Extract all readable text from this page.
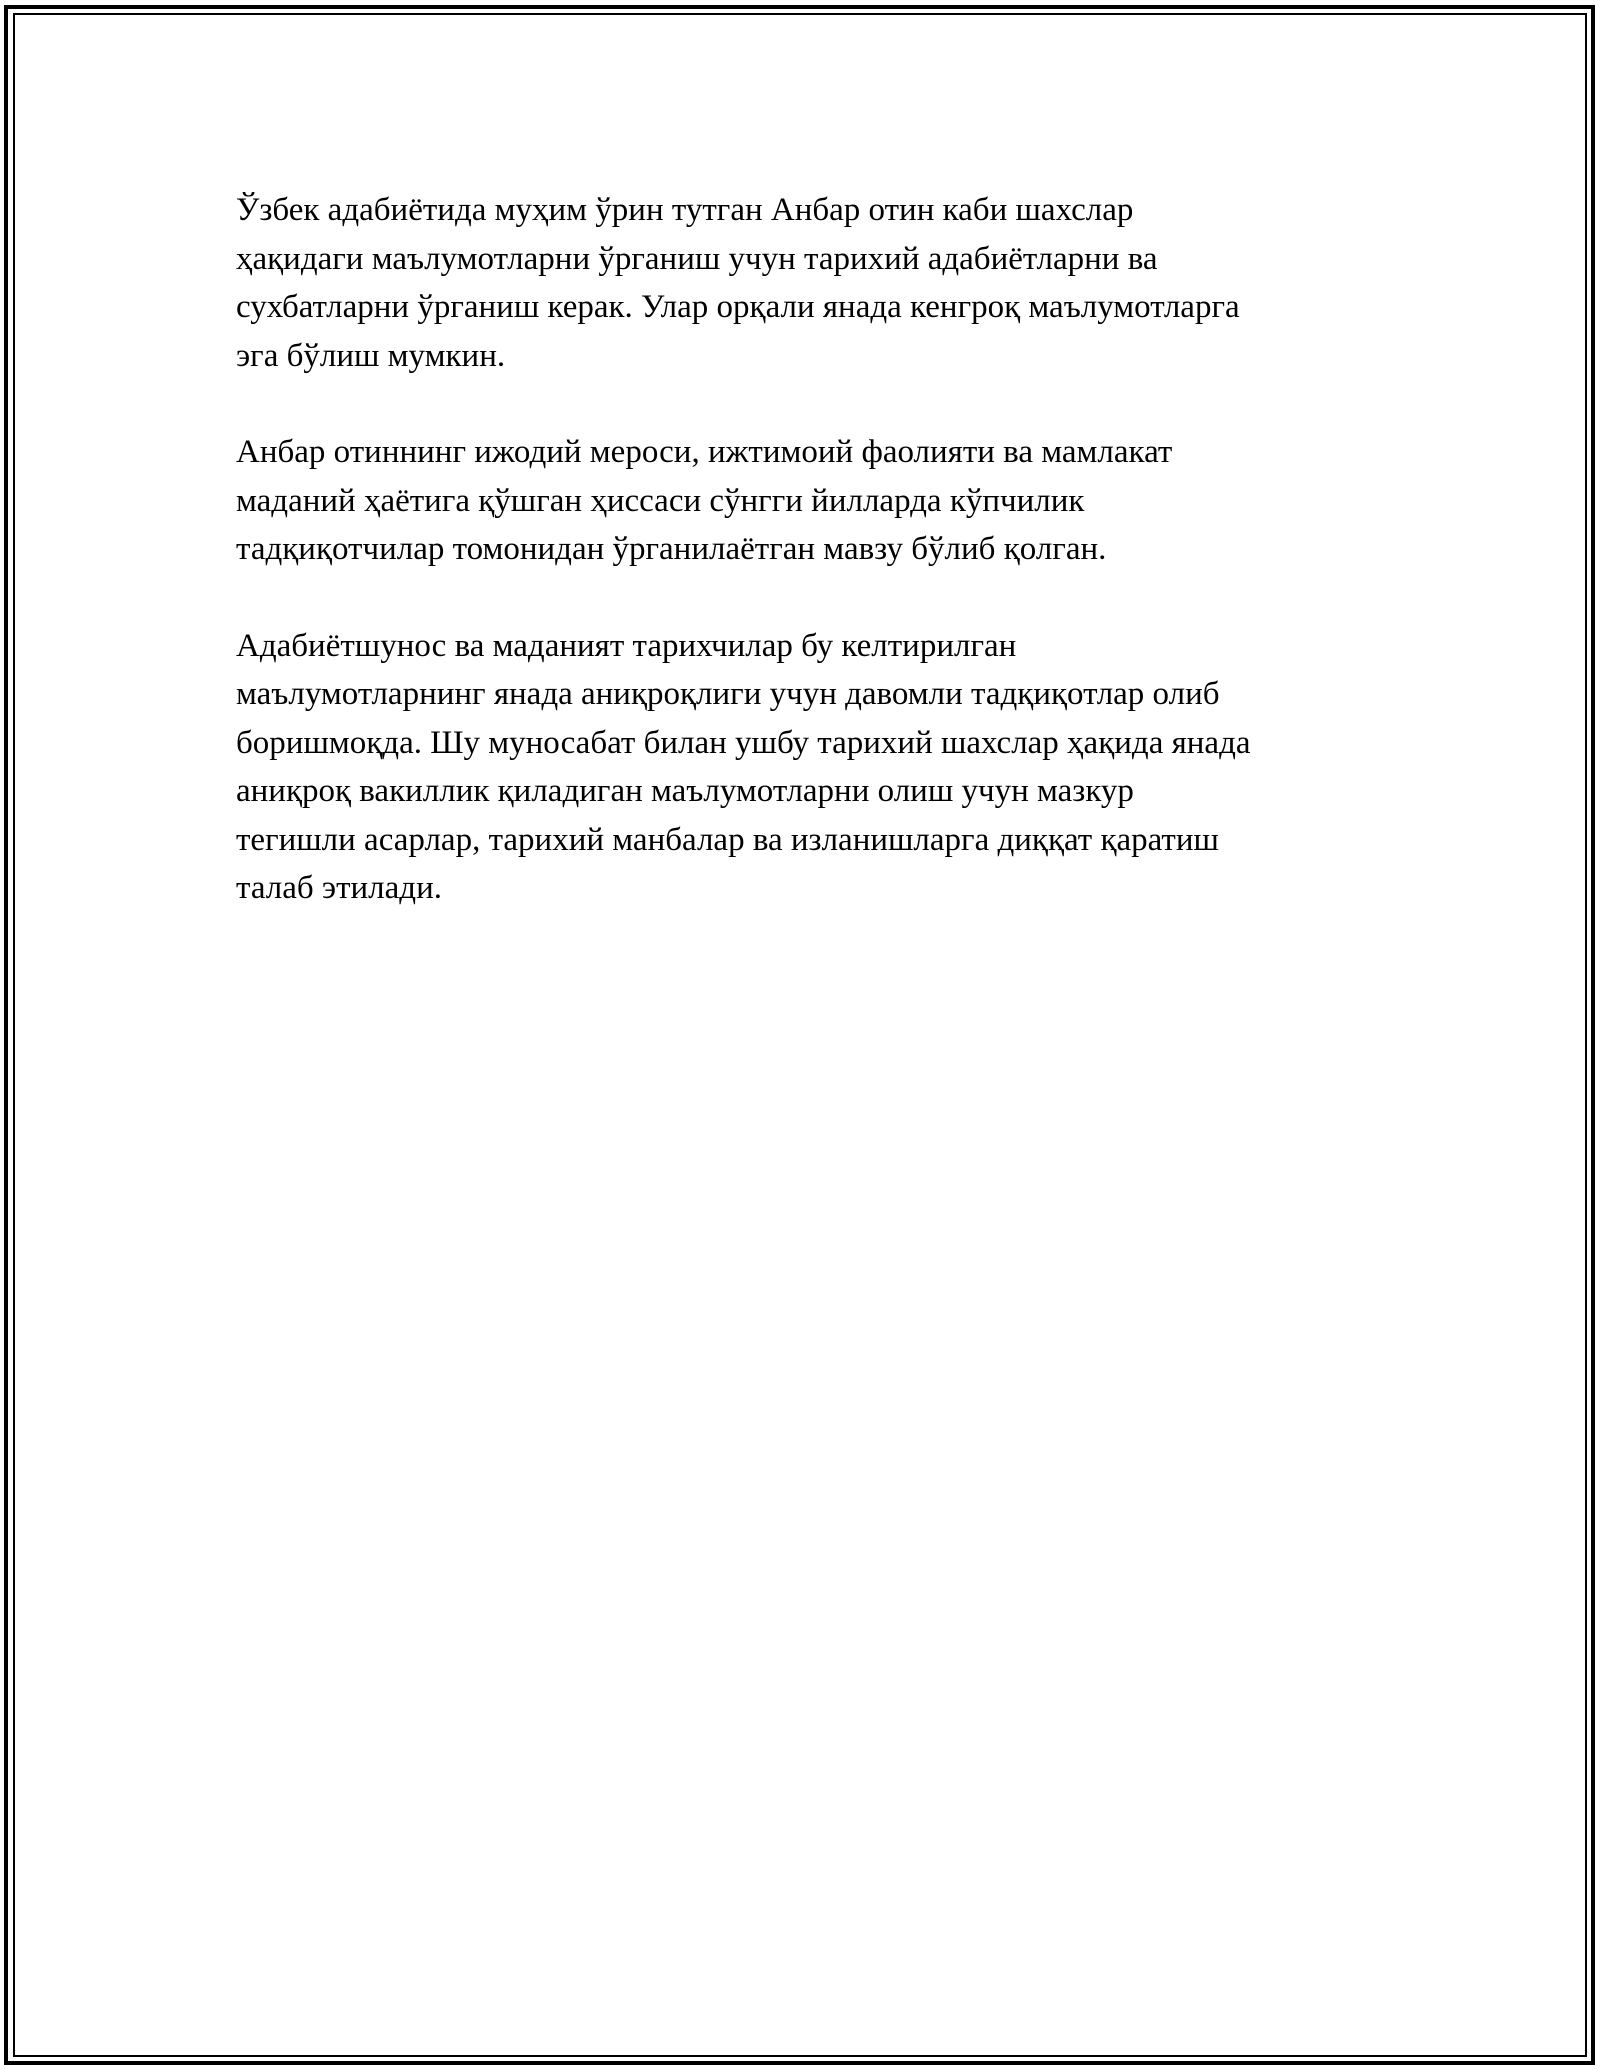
Ўзбек адабиётида муҳим ўрин тутган Анбар отин каби шахслар
ҳақидаги маълумотларни ўрганиш учун тарихий адабиётларни ва
сухбатларни ўрганиш керак. Улар орқали янада кенгроқ маълумотларга
эга бўлиш мумкин.

Анбар отиннинг ижодий мероси, ижтимоий фаолияти ва мамлакат
маданий ҳаётига қўшган ҳиссаси сўнгги йилларда кўпчилик
тадқиқотчилар томонидан ўрганилаётган мавзу бўлиб қолган.

Адабиётшунос ва маданият тарихчилар бу келтирилган
маълумотларнинг янада аниқроқлиги учун давомли тадқиқотлар олиб
боришмоқда. Шу муносабат билан ушбу тарихий шахслар ҳақида янада
аниқроқ вакиллик қиладиган маълумотларни олиш учун мазкур
тегишли асарлар, тарихий манбалар ва изланишларга диққат қаратиш
талаб этилади.
